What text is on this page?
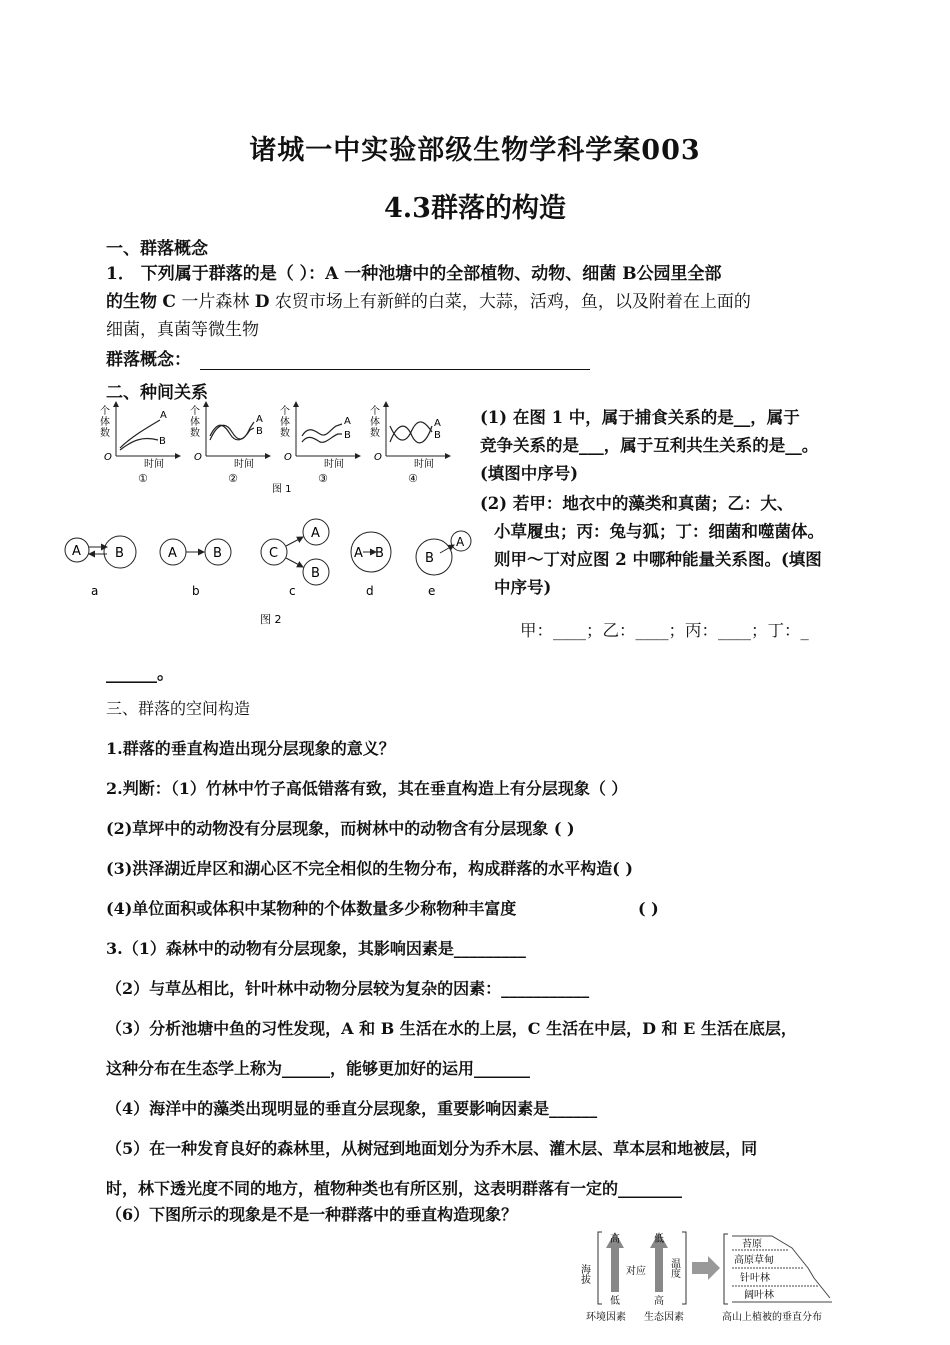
诸城一中实验部级生物学科学案003
4.3群落的构造
一、群落概念
1． 下列属于群落的是（ ）：A 一种池塘中的全部植物、动物、细菌 B公园里全部
的生物 C 一片森林 D 农贸市场上有新鲜的白菜，大蒜，活鸡，鱼，以及附着在上面的
细菌，真菌等微生物
群落概念：
二、种间关系
个
体
数
O
时间
A
B
①
个
体
数
O
时间
A
B
②
个
体
数
O
时间
A
B
③
个
体
数
O
时间
A
B
④
图 1
A	B
a
A	B
b
C
A
B
c
A B
d
B
A
e
图 2
(1) 在图 1 中，属于捕食关系的是__，属于
竞争关系的是___，属于互利共生关系的是__。
(填图中序号)
(2) 若甲：地衣中的藻类和真菌；乙：大、
小草履虫；丙：兔与狐；丁：细菌和噬菌体。
则甲～丁对应图 2 中哪种能量关系图。(填图
中序号)
甲：____；乙：____；丙：____；丁：_
______。
三、群落的空间构造
1.群落的垂直构造出现分层现象的意义？
2.判断：（1）竹林中竹子高低错落有致，其在垂直构造上有分层现象（ ）
(2)草坪中的动物没有分层现象，而树林中的动物含有分层现象 ( )
(3)洪泽湖近岸区和湖心区不完全相似的生物分布，构成群落的水平构造( )
(4)单位面积或体积中某物种的个体数量多少称物种丰富度	( )
3.（1）森林中的动物有分层现象，其影响因素是_________
（2）与草丛相比，针叶林中动物分层较为复杂的因素：___________
（3）分析池塘中鱼的习性发现，A 和 B 生活在水的上层，C 生活在中层，D 和 E 生活在底层，
这种分布在生态学上称为______，能够更加好的运用_______
（4）海洋中的藻类出现明显的垂直分层现象，重要影响因素是______
（5）在一种发育良好的森林里，从树冠到地面划分为乔木层、灌木层、草本层和地被层，同
时，林下透光度不同的地方，植物种类也有所区别，这表明群落有一定的________
（6）下图所示的现象是不是一种群落中的垂直构造现象？
海拔
高
低
对应
低
高
温度
苔原
高原草甸
针叶林
阔叶林
环境因素 生态因素	高山上植被的垂直分布
